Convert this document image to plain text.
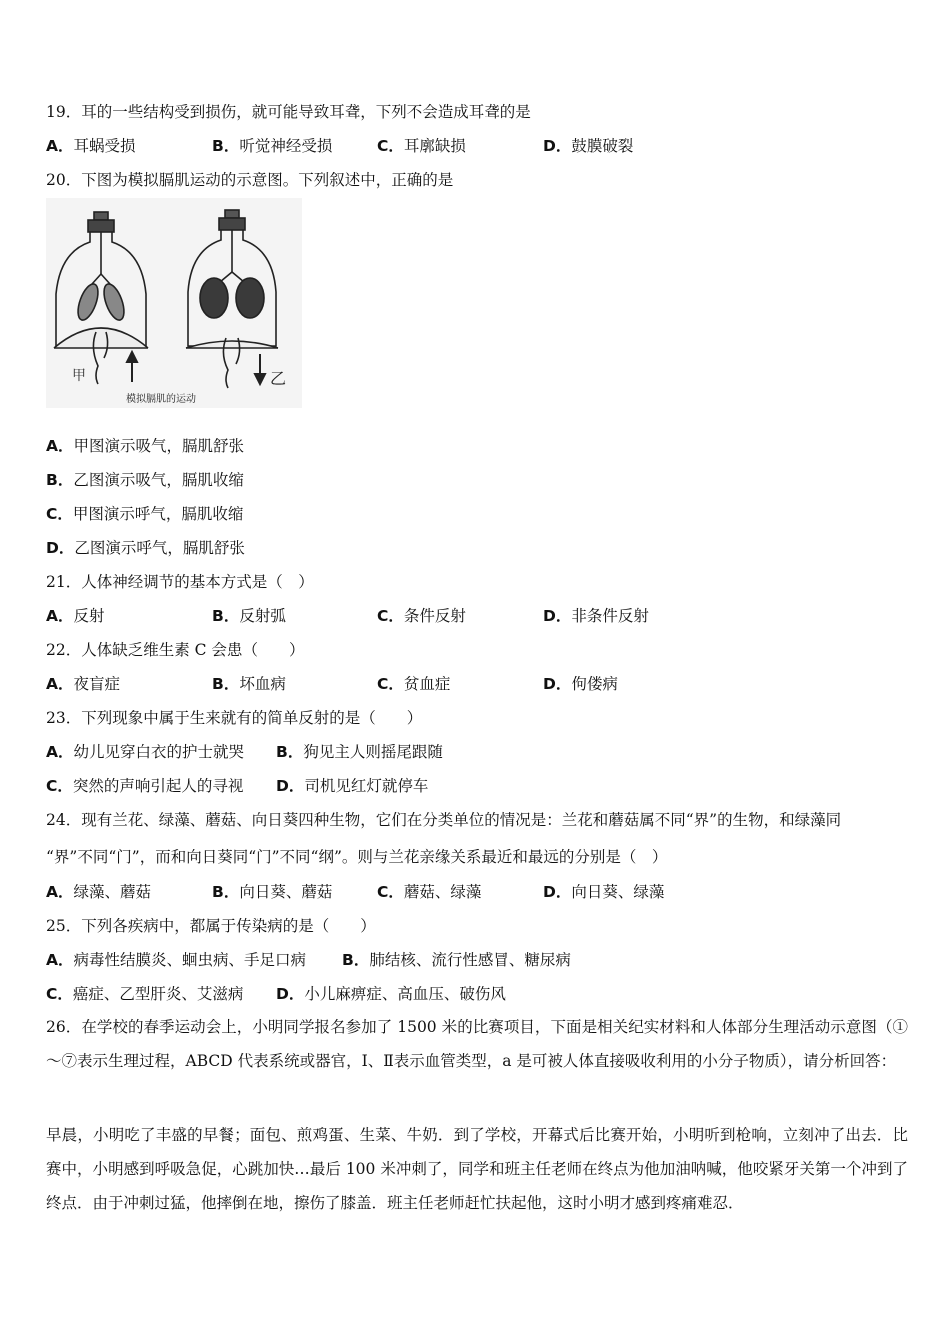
19．耳的一些结构受到损伤，就可能导致耳聋，下列不会造成耳聋的是
A．耳蜗受损	B．听觉神经受损	C．耳廓缺损	D．鼓膜破裂
20．下图为模拟膈肌运动的示意图。下列叙述中，正确的是
甲	乙
模拟膈肌的运动
A．甲图演示吸气，膈肌舒张
B．乙图演示吸气，膈肌收缩
C．甲图演示呼气，膈肌收缩
D．乙图演示呼气，膈肌舒张
21．人体神经调节的基本方式是（　）
A．反射	B．反射弧	C．条件反射	D．非条件反射
22．人体缺乏维生素 C 会患（　　）
A．夜盲症	B．坏血病	C．贫血症	D．佝偻病
23．下列现象中属于生来就有的简单反射的是（　　）
A．幼儿见穿白衣的护士就哭 B．狗见主人则摇尾跟随
C．突然的声响引起人的寻视 D．司机见红灯就停车
24．现有兰花、绿藻、蘑菇、向日葵四种生物，它们在分类单位的情况是：兰花和蘑菇属不同“界”的生物，和绿藻同
“界”不同“门”，而和向日葵同“门”不同“纲”。则与兰花亲缘关系最近和最远的分别是（　）
A．绿藻、蘑菇	B．向日葵、蘑菇	C．蘑菇、绿藻	D．向日葵、绿藻
25．下列各疾病中，都属于传染病的是（　　）
A．病毒性结膜炎、蛔虫病、手足口病 B．肺结核、流行性感冒、糖尿病
C．癌症、乙型肝炎、艾滋病 D．小儿麻痹症、高血压、破伤风
26．在学校的春季运动会上，小明同学报名参加了 1500 米的比赛项目，下面是相关纪实材料和人体部分生理活动示意图（①～⑦表示生理过程，ABCD 代表系统或器官，Ⅰ、Ⅱ表示血管类型，a 是可被人体直接吸收利用的小分子物质），请分析回答：
早晨，小明吃了丰盛的早餐；面包、煎鸡蛋、生菜、牛奶．到了学校，开幕式后比赛开始，小明听到枪响，立刻冲了出去．比赛中，小明感到呼吸急促，心跳加快…最后 100 米冲刺了，同学和班主任老师在终点为他加油呐喊，他咬紧牙关第一个冲到了终点．由于冲刺过猛，他摔倒在地，擦伤了膝盖．班主任老师赶忙扶起他，这时小明才感到疼痛难忍．
